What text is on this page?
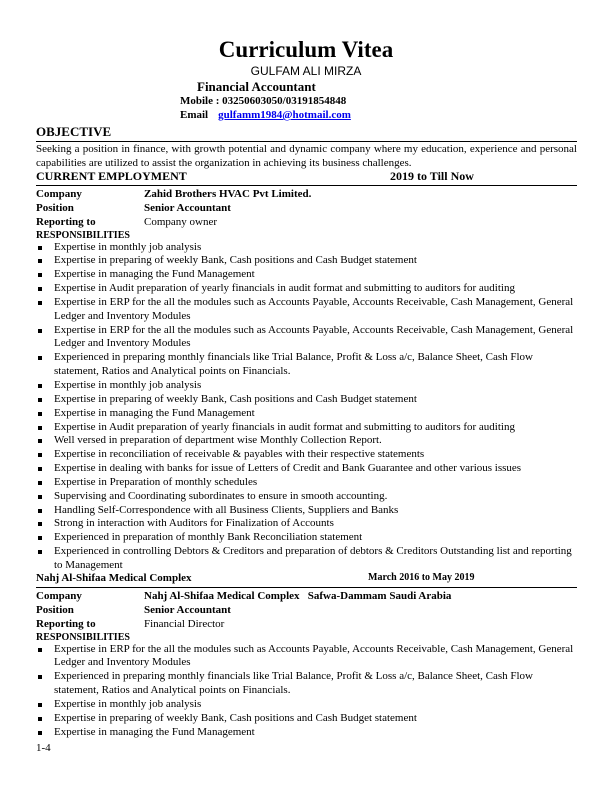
Curriculum Vitea
GULFAM ALI MIRZA
Financial Accountant
Mobile : 03250603050/03191854848
Email gulfamm1984@hotmail.com
OBJECTIVE
Seeking a position in finance, with growth potential and dynamic company where my education, experience and personal capabilities are utilized to assist the organization in achieving its business challenges.
CURRENT EMPLOYMENT	2019 to Till Now
Company	Zahid Brothers HVAC Pvt Limited.
Position	Senior Accountant
Reporting to	Company owner
RESPONSIBILITIES
Expertise in monthly job analysis
Expertise in preparing of weekly Bank, Cash positions and Cash Budget statement
Expertise in managing the Fund Management
Expertise in Audit preparation of yearly financials in audit format and submitting to auditors for auditing
Expertise in ERP for the all the modules such as Accounts Payable, Accounts Receivable, Cash Management, General Ledger and Inventory Modules
Expertise in ERP for the all the modules such as Accounts Payable, Accounts Receivable, Cash Management, General Ledger and Inventory Modules
Experienced in preparing monthly financials like Trial Balance, Profit & Loss a/c, Balance Sheet, Cash Flow statement, Ratios and Analytical points on Financials.
Expertise in monthly job analysis
Expertise in preparing of weekly Bank, Cash positions and Cash Budget statement
Expertise in managing the Fund Management
Expertise in Audit preparation of yearly financials in audit format and submitting to auditors for auditing
Well versed in preparation of department wise Monthly Collection Report.
Expertise in reconciliation of receivable & payables with their respective statements
Expertise in dealing with banks for issue of Letters of Credit and Bank Guarantee and other various issues
Expertise in Preparation of monthly schedules
Supervising and Coordinating subordinates to ensure in smooth accounting.
Handling Self-Correspondence with all Business Clients, Suppliers and Banks
Strong in interaction with Auditors for Finalization of Accounts
Experienced in preparation of monthly Bank Reconciliation statement
Experienced in controlling Debtors & Creditors and preparation of debtors & Creditors Outstanding list and reporting to Management
Nahj Al-Shifaa Medical Complex	March 2016 to May 2019
Company	Nahj Al-Shifaa Medical Complex   Safwa-Dammam Saudi Arabia
Position	Senior Accountant
Reporting to	Financial Director
RESPONSIBILITIES
Expertise in ERP for the all the modules such as Accounts Payable, Accounts Receivable, Cash Management, General Ledger and Inventory Modules
Experienced in preparing monthly financials like Trial Balance, Profit & Loss a/c, Balance Sheet, Cash Flow statement, Ratios and Analytical points on Financials.
Expertise in monthly job analysis
Expertise in preparing of weekly Bank, Cash positions and Cash Budget statement
Expertise in managing the Fund Management
1-4
